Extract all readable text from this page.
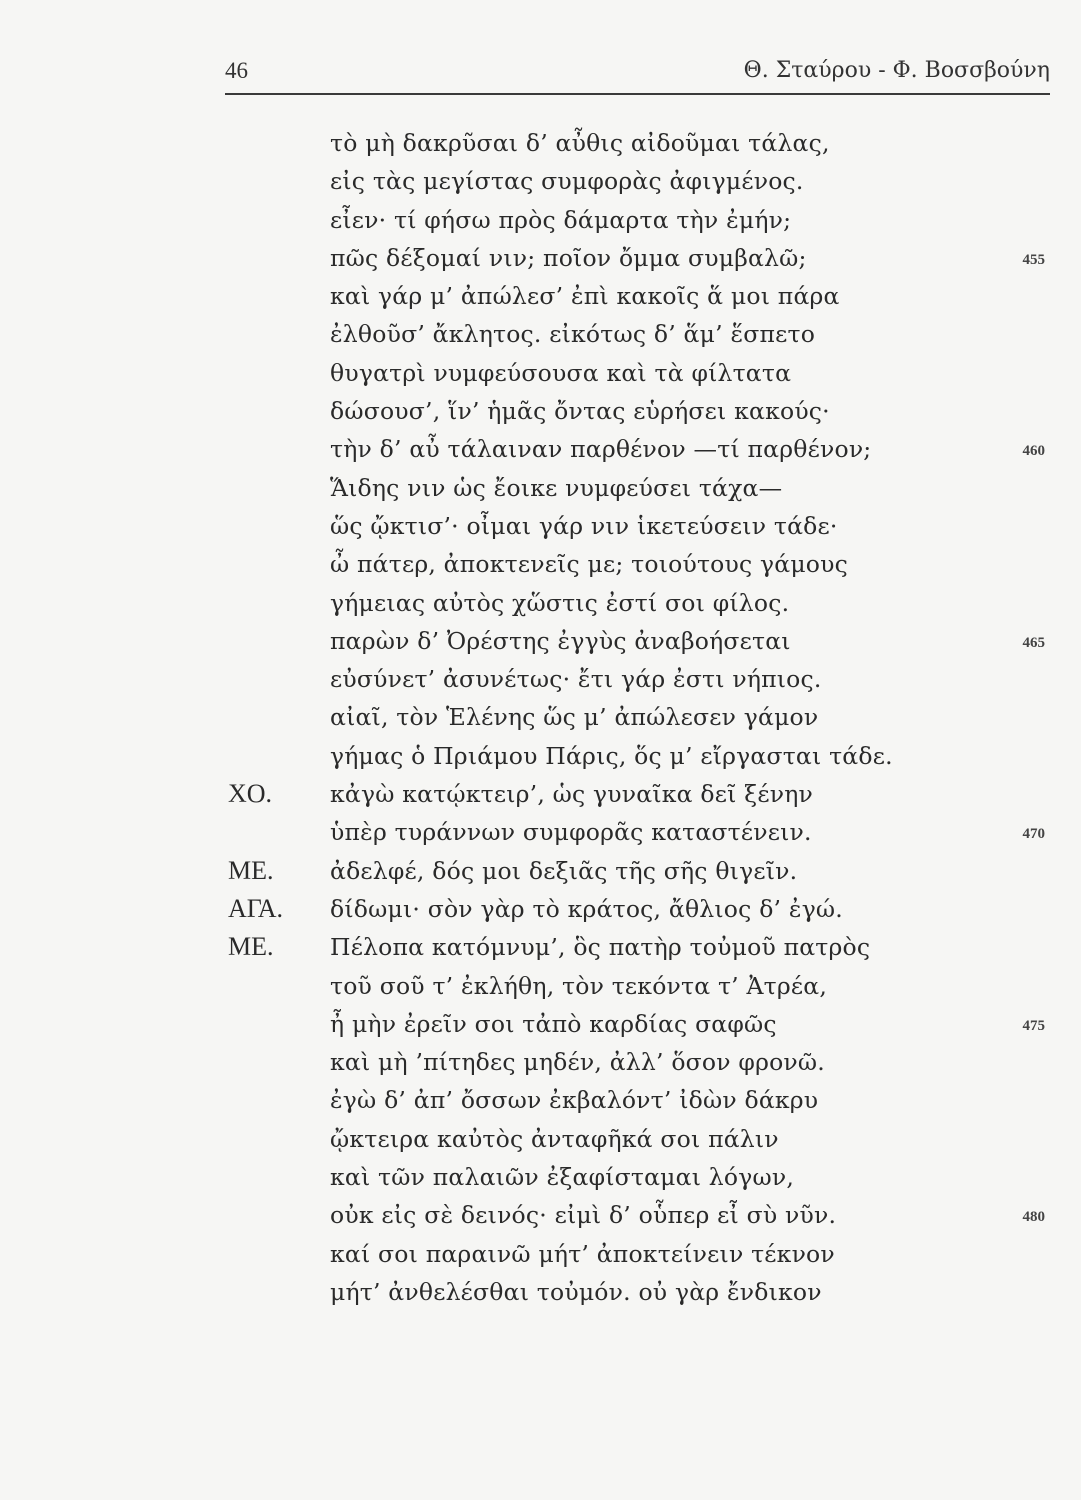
46	Θ. Σταύρου - Φ. Βοσσβούνη
τὸ μὴ δακρῦσαι δ’ αὖθις αἰδοῦμαι τάλας,
εἰς τὰς μεγίστας συμφορὰς ἀφιγμένος.
εἶεν· τί φήσω πρὸς δάμαρτα τὴν ἐμήν;
πῶς δέξομαί νιν; ποῖον ὄμμα συμβαλῶ;	455
καὶ γάρ μ’ ἀπώλεσ’ ἐπὶ κακοῖς ἅ μοι πάρα
ἐλθοῦσ’ ἄκλητος. εἰκότως δ’ ἅμ’ ἕσπετο
θυγατρὶ νυμφεύσουσα καὶ τὰ φίλτατα
δώσουσ’, ἵν’ ἡμᾶς ὄντας εὑρήσει κακούς·
τὴν δ’ αὖ τάλαιναν παρθένον —τί παρθένον;	460
Ἅιδης νιν ὡς ἔοικε νυμφεύσει τάχα—
ὥς ᾤκτισ’· οἶμαι γάρ νιν ἱκετεύσειν τάδε·
ὦ πάτερ, ἀποκτενεῖς με; τοιούτους γάμους
γήμειας αὐτὸς χὥστις ἐστί σοι φίλος.
παρὼν δ’ Ὀρέστης ἐγγὺς ἀναβοήσεται	465
εὐσύνετ’ ἀσυνέτως· ἔτι γάρ ἐστι νήπιος.
αἰαῖ, τὸν Ἑλένης ὥς μ’ ἀπώλεσεν γάμον
γήμας ὁ Πριάμου Πάρις, ὅς μ’ εἴργασται τάδε.
ΧΟ. κἀγὼ κατῴκτειρ’, ὡς γυναῖκα δεῖ ξένην
ὑπὲρ τυράννων συμφορᾶς καταστένειν.	470
ΜΕ. ἀδελφέ, δός μοι δεξιᾶς τῆς σῆς θιγεῖν.
ΑΓΑ. δίδωμι· σὸν γὰρ τὸ κράτος, ἄθλιος δ’ ἐγώ.
ΜΕ. Πέλοπα κατόμνυμ’, ὃς πατὴρ τοὐμοῦ πατρὸς
τοῦ σοῦ τ’ ἐκλήθη, τὸν τεκόντα τ’ Ἀτρέα,
ἦ μὴν ἐρεῖν σοι τἀπὸ καρδίας σαφῶς	475
καὶ μὴ ’πίτηδες μηδέν, ἀλλ’ ὅσον φρονῶ.
ἐγὼ δ’ ἀπ’ ὄσσων ἐκβαλόντ’ ἰδὼν δάκρυ
ᾤκτειρα καὐτὸς ἀνταφῆκά σοι πάλιν
καὶ τῶν παλαιῶν ἐξαφίσταμαι λόγων,
οὐκ εἰς σὲ δεινός· εἰμὶ δ’ οὗπερ εἶ σὺ νῦν.	480
καί σοι παραινῶ μήτ’ ἀποκτείνειν τέκνον
μήτ’ ἀνθελέσθαι τοὐμόν. οὐ γὰρ ἔνδικον
